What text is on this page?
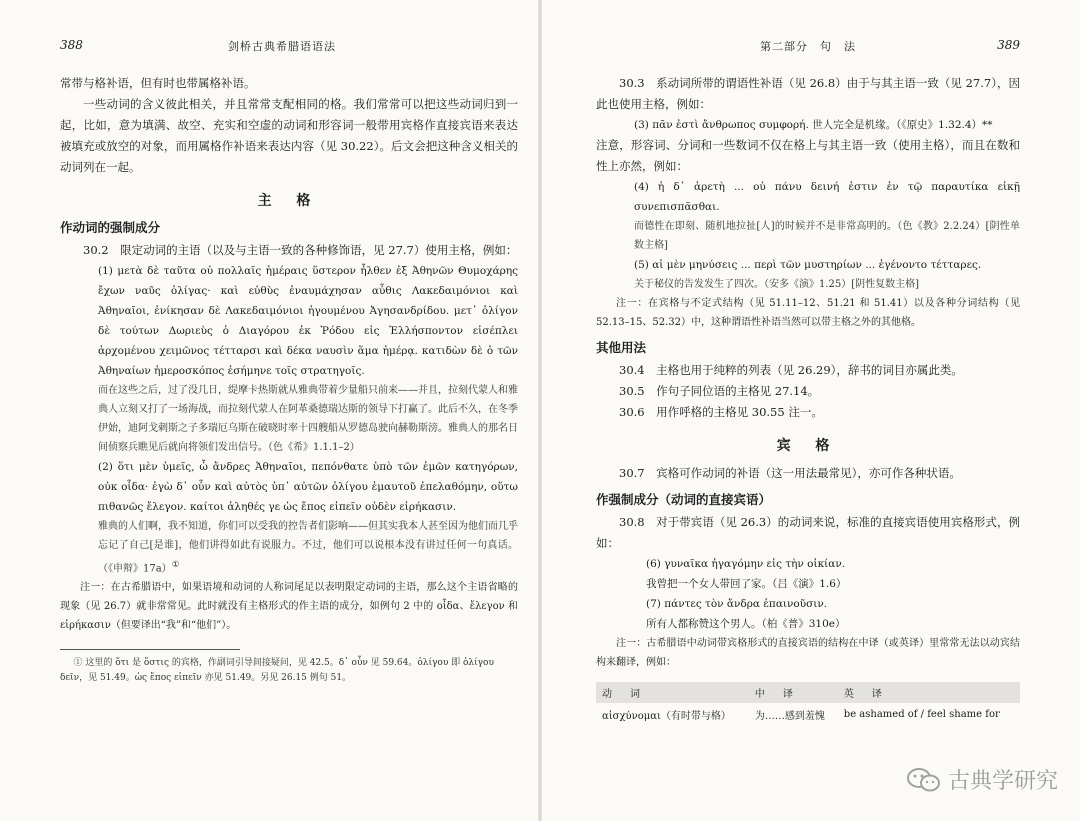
388	剑桥古典希腊语语法

常带与格补语，但有时也带属格补语。

一些动词的含义彼此相关，并且常常支配相同的格。我们常常可以把这些动词归到一起，比如，意为填满、故空、充实和空虚的动词和形容词一般带用宾格作直接宾语来表达被填充或放空的对象，而用属格作补语来表达内容（见 30.22）。后文会把这种含义相关的动词列在一起。

主 格
作动词的强制成分

30.2　限定动词的主语（以及与主语一致的各种修饰语，见 27.7）使用主格，例如：

(1) μετὰ δὲ ταῦτα οὐ πολλαῖς ἡμέραις ὕστερον ἦλθεν ἐξ Ἀθηνῶν Θυμοχάρης ἔχων ναῦς ὀλίγας· καὶ εὐθὺς ἐναυμάχησαν αὖθις Λακεδαιμόνιοι καὶ Ἀθηναῖοι, ἐνίκησαν δὲ Λακεδαιμόνιοι ἡγουμένου Ἀγησανδρίδου. μετ᾽ ὀλίγον δὲ τούτων Δωριεὺς ὁ Διαγόρου ἐκ Ῥόδου εἰς Ἑλλήσποντον εἰσέπλει ἀρχομένου χειμῶνος τέτταρσι καὶ δέκα ναυσὶν ἅμα ἡμέρᾳ. κατιδὼν δὲ ὁ τῶν Ἀθηναίων ἡμεροσκόπος ἐσήμηνε τοῖς στρατηγοῖς.

而在这些之后，过了没几日，缇摩卡热斯就从雅典带着少量船只前来——并且，拉刻代蒙人和雅典人立刻又打了一场海战，而拉刻代蒙人在阿革桑德瑞达斯的领导下打赢了。此后不久，在冬季伊始，迪阿戈剌斯之子多瑞厄乌斯在破晓时率十四艘船从罗德岛驶向赫勒斯滂。雅典人的那名日间侦察兵瞧见后就向将领们发出信号。（色《希》1.1.1–2）

(2) ὅτι μὲν ὑμεῖς, ὦ ἄνδρες Ἀθηναῖοι, πεπόνθατε ὑπὸ τῶν ἐμῶν κατηγόρων, οὐκ οἶδα· ἐγὼ δ᾽ οὖν καὶ αὐτὸς ὑπ᾽ αὐτῶν ὀλίγου ἐμαυτοῦ ἐπελαθόμην, οὕτω πιθανῶς ἔλεγον. καίτοι ἀληθές γε ὡς ἔπος εἰπεῖν οὐδὲν εἰρήκασιν.

雅典的人们啊，我不知道，你们可以受我的控告者们影响——但其实我本人甚至因为他们而几乎忘记了自己[是谁]，他们讲得如此有说服力。不过，他们可以说根本没有讲过任何一句真话。（《申辩》17a）①

注一：在古希腊语中，如果语境和动词的人称词尾足以表明限定动词的主语，那么这个主语省略的现象（见 26.7）就非常常见。此时就没有主格形式的作主语的成分，如例句 2 中的 οἶδα、ἔλεγον 和 εἰρήκασιν（但要译出“我”和“他们”）。

① 这里的 ὅτι 是 ὅστις 的宾格，作副词引导间接疑问，见 42.5。δ᾽ οὖν 见 59.64。ὀλίγου 即 ὀλίγου δεῖν，见 51.49。ὡς ἔπος εἰπεῖν 亦见 51.49。另见 26.15 例句 51。

第二部分　句　法	389

30.3　系动词所带的谓语性补语（见 26.8）由于与其主语一致（见 27.7），因此也使用主格，例如：

(3) πᾶν ἐστὶ ἄνθρωπος συμφορή. 世人完全是机缘。（《原史》1.32.4）**

注意，形容词、分词和一些数词不仅在格上与其主语一致（使用主格），而且在数和性上亦然，例如：

(4) ἡ δ᾽ ἀρετὴ ... οὐ πάνυ δεινή ἐστιν ἐν τῷ παραυτίκα εἰκῇ συνεπισπᾶσθαι.

而德性在即刻、随机地拉扯[人]的时候并不是非常高明的。（色《教》2.2.24）[阴性单数主格]

(5) αἱ μὲν μηνύσεις ... περὶ τῶν μυστηρίων ... ἐγένοντο τέτταρες.

关于秘仪的告发发生了四次。（安多《演》1.25）[阴性复数主格]

注一：在宾格与不定式结构（见 51.11–12、51.21 和 51.41）以及各种分词结构（见 52.13–15、52.32）中，这种谓语性补语当然可以带主格之外的其他格。

其他用法

30.4　主格也用于纯粹的列表（见 26.29），辞书的词目亦属此类。

30.5　作句子同位语的主格见 27.14。

30.6　用作呼格的主格见 30.55 注一。

宾 格

30.7　宾格可作动词的补语（这一用法最常见），亦可作各种状语。

作强制成分（动词的直接宾语）

30.8　对于带宾语（见 26.3）的动词来说，标准的直接宾语使用宾格形式，例如：

(6) γυναῖκα ἠγαγόμην εἰς τὴν οἰκίαν.

我曾把一个女人带回了家。（吕《演》1.6）

(7) πάντες τὸν ἄνδρα ἐπαινοῦσιν.

所有人都称赞这个男人。（柏《普》310e）

注一：古希腊语中动词带宾格形式的直接宾语的结构在中译（或英译）里常常无法以动宾结构来翻译，例如：

动　词	中　译	英　译
αἰσχύνομαι（有时带与格）	为……感到羞愧	be ashamed of / feel shame for
古典学研究
